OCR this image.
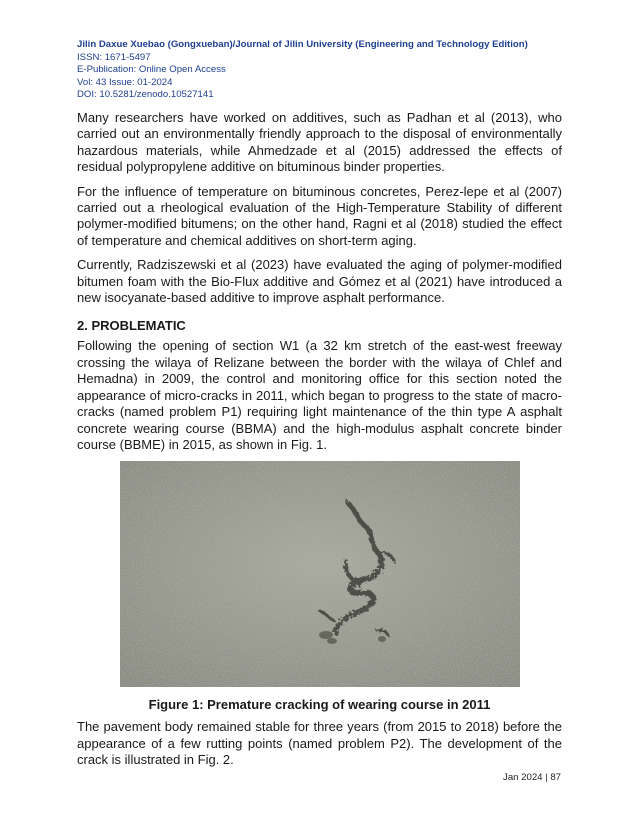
Jilin Daxue Xuebao (Gongxueban)/Journal of Jilin University (Engineering and Technology Edition)
ISSN: 1671-5497
E-Publication: Online Open Access
Vol: 43 Issue: 01-2024
DOI: 10.5281/zenodo.10527141

Many researchers have worked on additives, such as Padhan et al (2013), who carried out an environmentally friendly approach to the disposal of environmentally hazardous materials, while Ahmedzade et al (2015) addressed the effects of residual polypropylene additive on bituminous binder properties.

For the influence of temperature on bituminous concretes, Perez-lepe et al (2007) carried out a rheological evaluation of the High-Temperature Stability of different polymer-modified bitumens; on the other hand, Ragni et al (2018) studied the effect of temperature and chemical additives on short-term aging.

Currently, Radziszewski et al (2023) have evaluated the aging of polymer-modified bitumen foam with the Bio-Flux additive and Gómez et al (2021) have introduced a new isocyanate-based additive to improve asphalt performance.

2. PROBLEMATIC

Following the opening of section W1 (a 32 km stretch of the east-west freeway crossing the wilaya of Relizane between the border with the wilaya of Chlef and Hemadna) in 2009, the control and monitoring office for this section noted the appearance of micro-cracks in 2011, which began to progress to the state of macro-cracks (named problem P1) requiring light maintenance of the thin type A asphalt concrete wearing course (BBMA) and the high-modulus asphalt concrete binder course (BBME) in 2015, as shown in Fig. 1.

Figure 1: Premature cracking of wearing course in 2011

The pavement body remained stable for three years (from 2015 to 2018) before the appearance of a few rutting points (named problem P2). The development of the crack is illustrated in Fig. 2.

Jan 2024 | 87
